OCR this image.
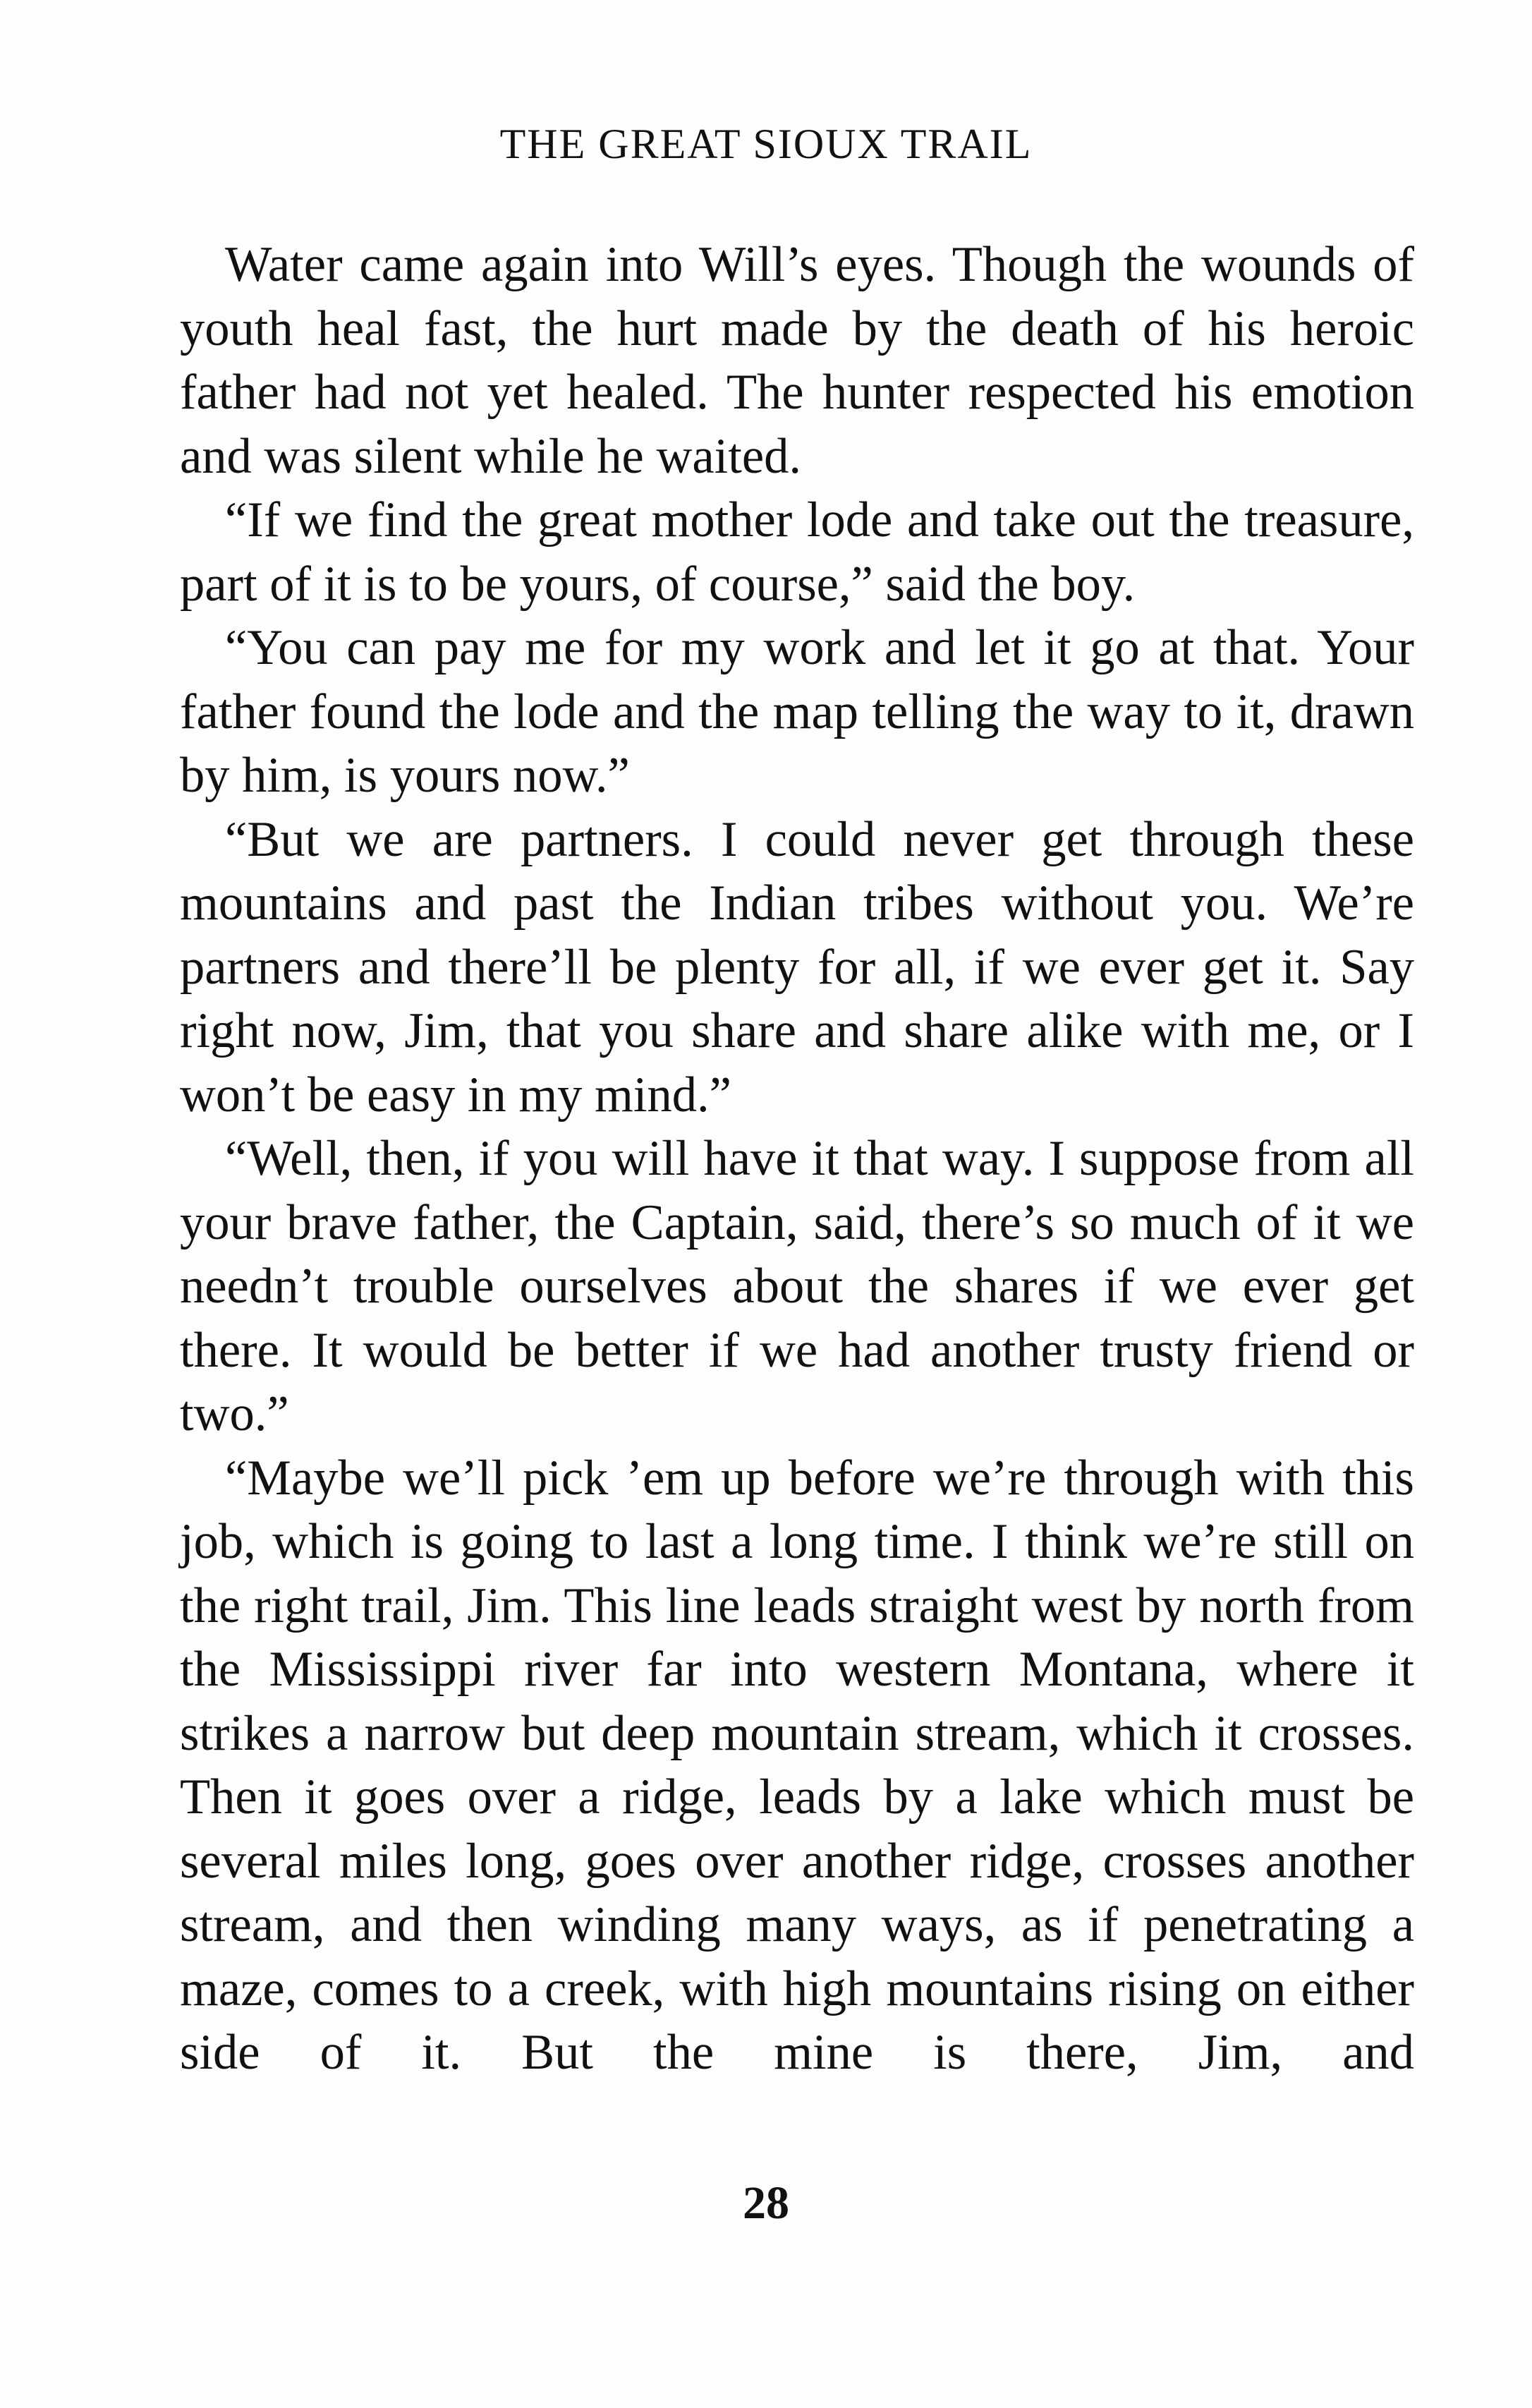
THE GREAT SIOUX TRAIL

Water came again into Will’s eyes. Though the wounds of youth heal fast, the hurt made by the death of his heroic father had not yet healed. The hunter respected his emotion and was silent while he waited.

“If we find the great mother lode and take out the treasure, part of it is to be yours, of course,” said the boy.

“You can pay me for my work and let it go at that. Your father found the lode and the map telling the way to it, drawn by him, is yours now.”

“But we are partners. I could never get through these mountains and past the Indian tribes without you. We’re partners and there’ll be plenty for all, if we ever get it. Say right now, Jim, that you share and share alike with me, or I won’t be easy in my mind.”

“Well, then, if you will have it that way. I suppose from all your brave father, the Captain, said, there’s so much of it we needn’t trouble ourselves about the shares if we ever get there. It would be better if we had another trusty friend or two.”

“Maybe we’ll pick ’em up before we’re through with this job, which is going to last a long time. I think we’re still on the right trail, Jim. This line leads straight west by north from the Mississippi river far into western Montana, where it strikes a narrow but deep mountain stream, which it crosses. Then it goes over a ridge, leads by a lake which must be several miles long, goes over another ridge, crosses another stream, and then winding many ways, as if penetrating a maze, comes to a creek, with high mountains rising on either side of it. But the mine is there, Jim, and

28
